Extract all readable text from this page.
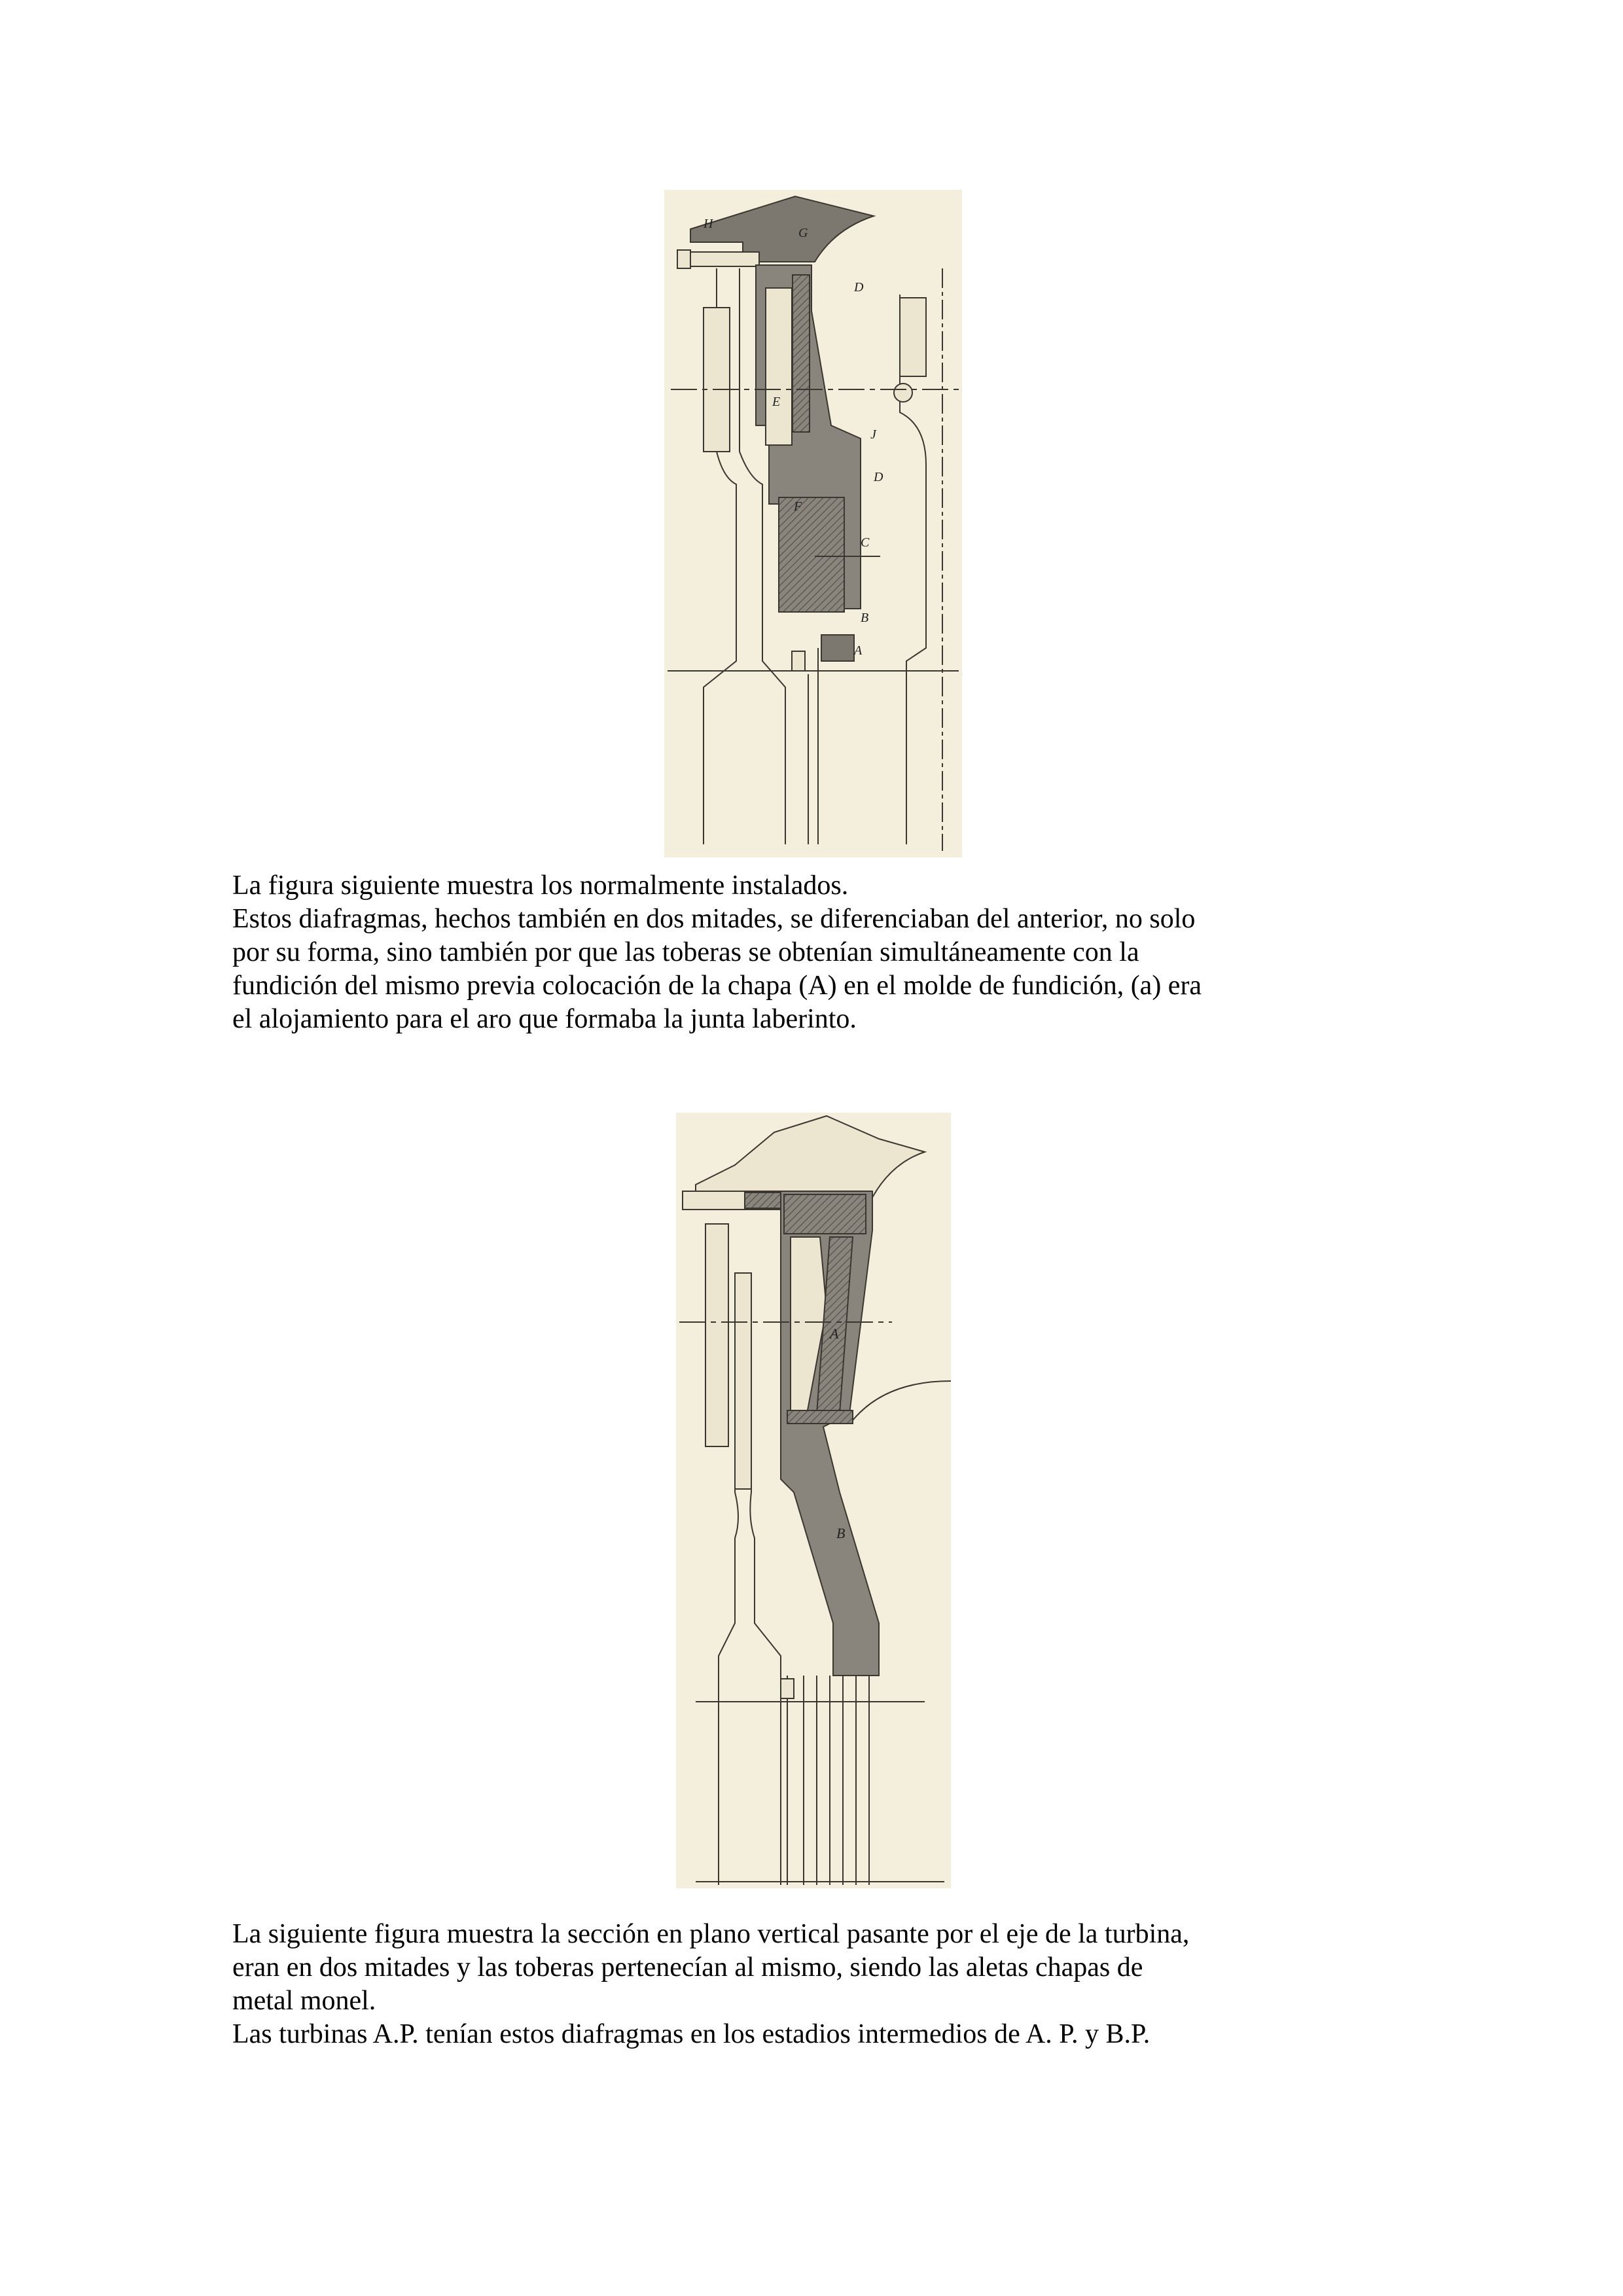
H
G
D
E
J
D
F
C
B
A

La figura siguiente muestra los normalmente instalados.

Estos diafragmas, hechos también en dos mitades, se diferenciaban del anterior, no solo

por su forma, sino también por que las toberas se obtenían simultáneamente con la

fundición del mismo previa colocación de la chapa (A) en el molde de fundición, (a) era

el alojamiento para el aro que formaba la junta laberinto.

A
B

La siguiente figura muestra la sección en plano vertical pasante por el eje de la turbina,

eran en dos mitades y las toberas pertenecían al mismo, siendo las aletas chapas de

metal monel.

Las turbinas A.P. tenían estos diafragmas en los estadios intermedios de A. P. y B.P.
